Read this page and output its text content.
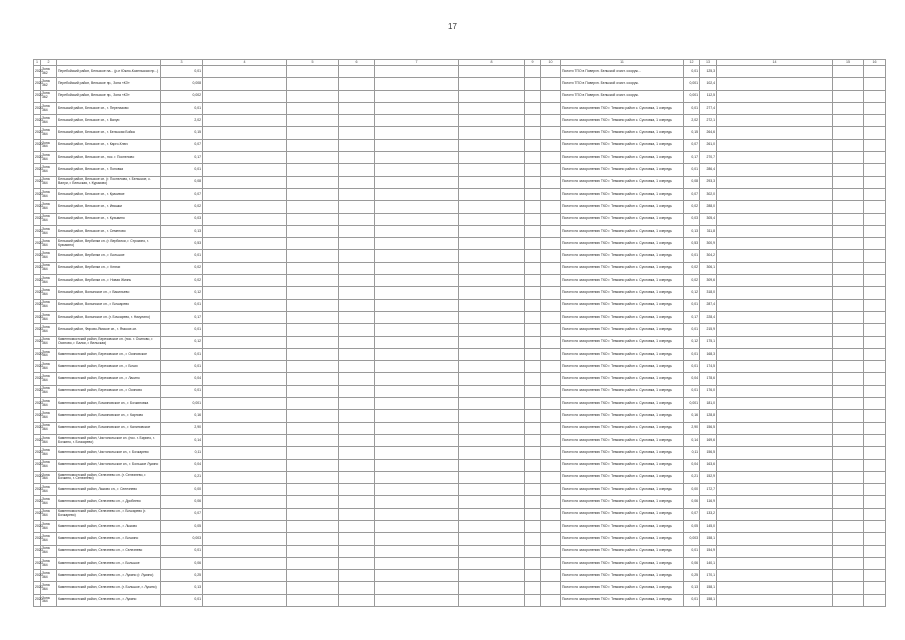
17
1	2		3	4	5	6	7	8	9	10	11	12	13	14	15	16
2020	Зона 362	Перебойский район, Бельское на... (р-н Южно-Козельская нр...)	0,01								Полоти ТПО в Поверхн. Бельской очист. сооруж...	0,01	125,3			
2020	Зона 362	Перебойский район, Вельское пр., Зона «КЗ»	0,008								Полоти ТПО в Поверхн. Бельской очист. сооруж.	0,001	102,4			
2020	Зона 362	Перебойский район, Вельское пр., Зона «КЗ»	0,002								Полоти ТПО в Поверхн. Бельской очист. сооруж.	0,001	112,5			
2020	Зона 364	Бельский район, Бельское сп., г. Перелазово	0,01								Полоти по захоронению ТКО г. Темкино район с. Сусловка, 1 очередь	0,01	277,4			
2020	Зона 364	Бельский район, Бельское сп., г. Валуи	2,02								Полоти по захоронению ТКО г. Темкино район с. Сусловка, 1 очередь	2,02	272,1			
2020	Зона 364	Бельский район, Бельское сп., г. Бельская Бойка	0,15								Полоти по захоронению ТКО г. Темкино район с. Сусловка, 1 очередь	0,15	264,6			
2020	Зона 364	Бельский район, Бельское сп., г. Карго-Ключ	0,07								Полоти по захоронению ТКО г. Темкино район с. Сусловка, 1 очередь	0,07	261,0			
2020	Зона 364	Бельский район, Вельское сп., пос. г. Поспелово	0,17								Полоти по захоронению ТКО г. Темкино район с. Сусловка, 1 очередь	0,17	270,7			
2020	Зона 364	Бельский район, Вельское сп., г. Поповка	0,01								Полоти по захоронению ТКО г. Темкино район с. Сусловка, 1 очередь	0,01	286,4			
2020	Зона 364	Бельский район, Вельское сп. (г. Поспелово, г. Бельское, с. Валуи, г. Бельская, г. Кураково)	0,08								Полоти по захоронению ТКО г. Темкино район с. Сусловка, 1 очередь	0,08	293,3			
2020	Зона 364	Бельский район, Бельское сп., г. Красивое	0,07								Полоти по захоронению ТКО г. Темкино район с. Сусловка, 1 очередь	0,07	302,0			
2020	Зона 364	Бельский район, Вельское сп., г. Ивашки	0,02								Полоти по захоронению ТКО г. Темкино район с. Сусловка, 1 очередь	0,02	288,0			
2020	Зона 364	Бельский район, Вельское сп., г. Кузьмино	0,03								Полоти по захоронению ТКО г. Темкино район с. Сусловка, 1 очередь	0,03	305,4			
2020	Зона 364	Бельский район, Вельское сп., г. Семеново	0,13								Полоти по захоронению ТКО г. Темкино район с. Сусловка, 1 очередь	0,13	311,8			
2020	Зона 364	Бельский район, Вербилки сп. (г. Вербилки, г. Строкино, г. Кузьмино)	0,53								Полоти по захоронению ТКО г. Темкино район с. Сусловка, 1 очередь	0,53	300,9			
2020	Зона 364	Бельский район, Вербилки сп., г. Большое	0,01								Полоти по захоронению ТКО г. Темкино район с. Сусловка, 1 очередь	0,01	304,2			
2020	Зона 364	Бельский район, Вербилки сп., г. Ключи	0,02								Полоти по захоронению ТКО г. Темкино район с. Сусловка, 1 очередь	0,02	306,1			
2020	Зона 364	Бельский район, Вербилки сп., г. Новая Жизнь	0,02								Полоти по захоронению ТКО г. Темкино район с. Сусловка, 1 очередь	0,02	309,6			
2020	Зона 364	Бельский район, Волынское сп., г. Васильево	0,12								Полоти по захоронению ТКО г. Темкино район с. Сусловка, 1 очередь	0,12	318,0			
2020	Зона 364	Бельский район, Волынское сп., г. Бочкарево	0,01								Полоти по захоронению ТКО г. Темкино район с. Сусловка, 1 очередь	0,01	287,4			
2020	Зона 364	Бельский район, Волынское сп. (г. Бочкарево, г. Никулино)	0,17								Полоти по захоронению ТКО г. Темкино район с. Сусловка, 1 очередь	0,17	228,4			
2020	Зона 364	Бельский район, Фирово-Ямское сп., г. Ямское-сп.	0,01								Полоти по захоронению ТКО г. Темкино район с. Сусловка, 1 очередь	0,01	215,9			
2020	Зона 364	Каменномостский район, Березовское сп. (пос. г. Осиново, г. Осиново, г. Балки, г. Вельская)	0,12								Полоти по захоронению ТКО г. Темкино район с. Сусловка, 1 очередь	0,12	175,1			
2020	Зона 364	Каменномостский район, Березовское сп., г. Осиновское	0,01								Полоти по захоронению ТКО г. Темкино район с. Сусловка, 1 очередь	0,01	168,3			
2020	Зона 364	Каменномостский район, Березовское сп., г. Бочки	0,01								Полоти по захоронению ТКО г. Темкино район с. Сусловка, 1 очередь	0,01	174,5			
2020	Зона 364	Каменномостский район, Березовское сп., г. Ласино	0,04								Полоти по захоронению ТКО г. Темкино район с. Сусловка, 1 очередь	0,04	178,6			
2020	Зона 364	Каменномостский район, Березовское сп., г. Осиново	0,01								Полоти по захоронению ТКО г. Темкино район с. Сусловка, 1 очередь	0,01	176,0			
2020	Зона 364	Каменномостский район, Бочкиновское сп., г. Бочкиновка	0,001								Полоти по захоронению ТКО г. Темкино район с. Сусловка, 1 очередь	0,001	181,0			
2020	Зона 364	Каменномостский район, Бочкиновское сп., г. Карпово	0,16								Полоти по захоронению ТКО г. Темкино район с. Сусловка, 1 очередь	0,16	128,8			
2020	Зона 364	Каменномостский район, Бочкиновское сп., г. Калиновское	2,90								Полоти по захоронению ТКО г. Темкино район с. Сусловка, 1 очередь	2,90	156,5			
2020	Зона 364	Каменномостский район, Чистопольское сп. (пос. г. Бирино, г. Бочкино, г. Бочкарево)	0,14								Полоти по захоронению ТКО г. Темкино район с. Сусловка, 1 очередь	0,14	169,6			
2020	Зона 364	Каменномостский район, Чистопольское сп., г. Бочкарево	0,11								Полоти по захоронению ТКО г. Темкино район с. Сусловка, 1 очередь	0,11	156,5			
2020	Зона 364	Каменномостский район, Чистопольское сп., г. Большое Лукино	0,04								Полоти по захоронению ТКО г. Темкино район с. Сусловка, 1 очередь	0,04	163,6			
2020	Зона 364	Каменномостский район, Селезнево сп. (г. Селезнево, г. Бочкино, г. Селезнево)	0,21								Полоти по захоронению ТКО г. Темкино район с. Сусловка, 1 очередь	0,21	152,9			
2020	Зона 364	Каменномостский район, Лыково сп., г. Селезнево	0,00								Полоти по захоронению ТКО г. Темкино район с. Сусловка, 1 очередь	0,00	172,7			
2020	Зона 364	Каменномостский район, Селезнево сп., г. Дроблево	0,06								Полоти по захоронению ТКО г. Темкино район с. Сусловка, 1 очередь	0,06	116,9			
2020	Зона 364	Каменномостский район, Селезнево сп., г. Бочкарево (г. Бочкарево)	0,07								Полоти по захоронению ТКО г. Темкино район с. Сусловка, 1 очередь	0,07	133,2			
2020	Зона 364	Каменномостский район, Селезнево сп., г. Лыково	0,05								Полоти по захоронению ТКО г. Темкино район с. Сусловка, 1 очередь	0,05	145,0			
2020	Зона 364	Каменномостский район, Селезнево сп., г. Бочкино	0,003								Полоти по захоронению ТКО г. Темкино район с. Сусловка, 1 очередь	0,003	158,1			
2020	Зона 364	Каменномостский район, Селезнево сп., г. Селезнево	0,01								Полоти по захоронению ТКО г. Темкино район с. Сусловка, 1 очередь	0,01	154,9			
2020	Зона 364	Каменномостский район, Селезнево сп., г. Большое	0,06								Полоти по захоронению ТКО г. Темкино район с. Сусловка, 1 очередь	0,06	140,1			
2020	Зона 364	Каменномостский район, Селезнево сп., г. Лукино (г. Лукино)	0,25								Полоти по захоронению ТКО г. Темкино район с. Сусловка, 1 очередь	0,25	170,1			
2020	Зона 364	Каменномостский район, Селезнево сп. (г. Большое, г. Лукино)	0,13								Полоти по захоронению ТКО г. Темкино район с. Сусловка, 1 очередь	0,13	158,1			
2020	Зона 364	Каменномостский район, Селезнево сп., г. Лукино	0,01								Полоти по захоронению ТКО г. Темкино район с. Сусловка, 1 очередь	0,01	158,1			
